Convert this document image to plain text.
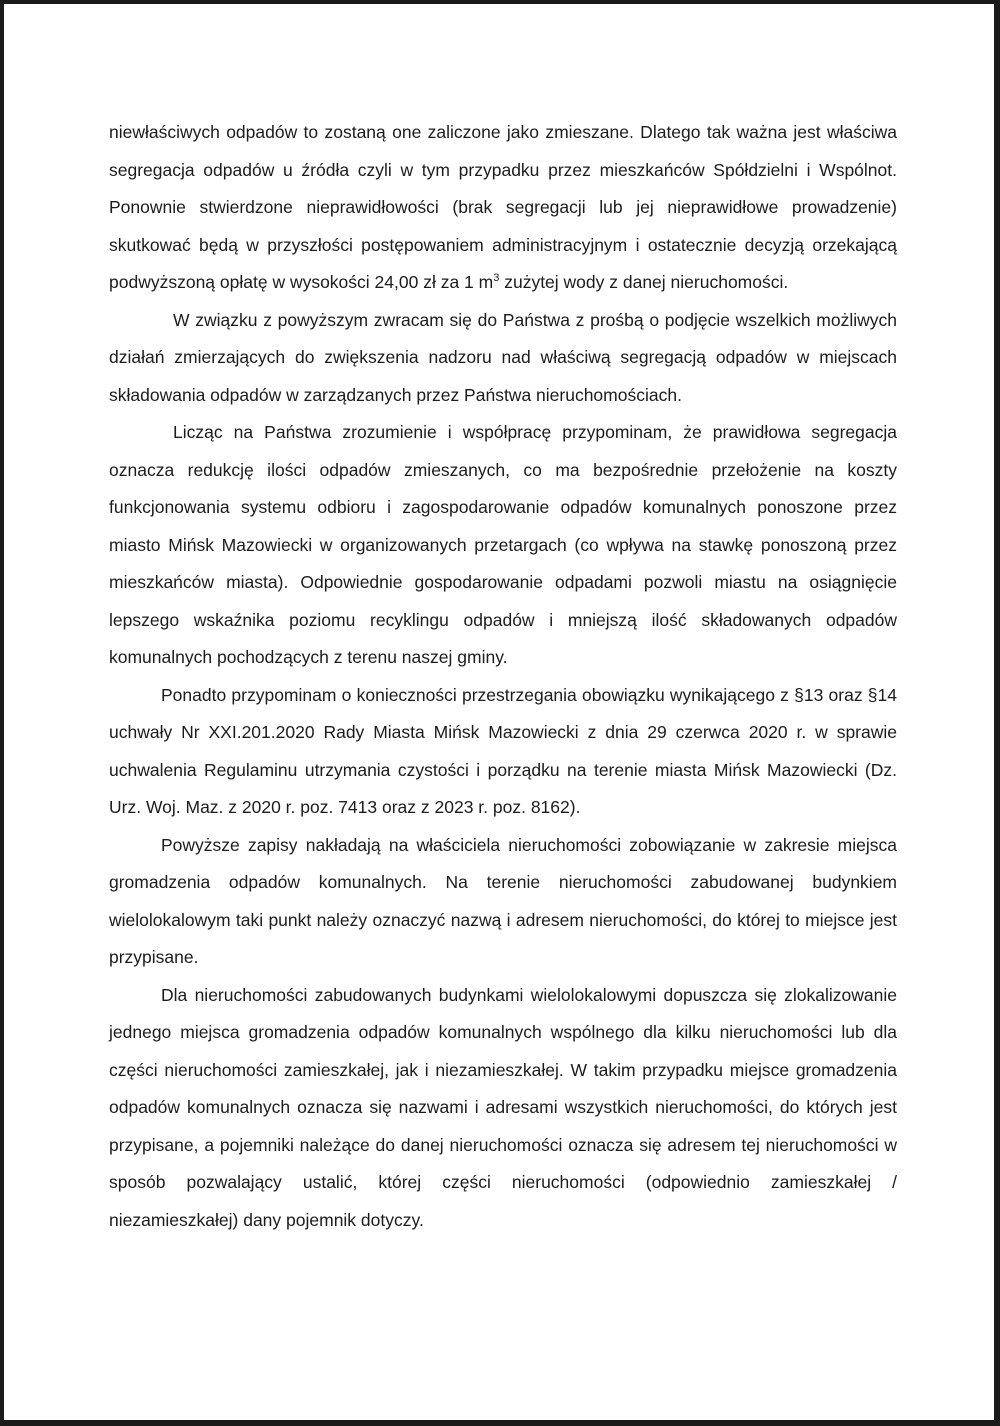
niewłaściwych odpadów to zostaną one zaliczone jako zmieszane. Dlatego tak ważna jest właściwa segregacja odpadów u źródła czyli w tym przypadku przez mieszkańców Spółdzielni i Wspólnot. Ponownie stwierdzone nieprawidłowości (brak segregacji lub jej nieprawidłowe prowadzenie) skutkować będą w przyszłości postępowaniem administracyjnym i ostatecznie decyzją orzekającą podwyższoną opłatę w wysokości 24,00 zł za 1 $m^3$ zużytej wody z danej nieruchomości.

W związku z powyższym zwracam się do Państwa z prośbą o podjęcie wszelkich możliwych działań zmierzających do zwiększenia nadzoru nad właściwą segregacją odpadów w miejscach składowania odpadów w zarządzanych przez Państwa nieruchomościach.

Licząc na Państwa zrozumienie i współpracę przypominam, że prawidłowa segregacja oznacza redukcję ilości odpadów zmieszanych, co ma bezpośrednie przełożenie na koszty funkcjonowania systemu odbioru i zagospodarowanie odpadów komunalnych ponoszone przez miasto Mińsk Mazowiecki w organizowanych przetargach (co wpływa na stawkę ponoszoną przez mieszkańców miasta). Odpowiednie gospodarowanie odpadami pozwoli miastu na osiągnięcie lepszego wskaźnika poziomu recyklingu odpadów i mniejszą ilość składowanych odpadów komunalnych pochodzących z terenu naszej gminy.

Ponadto przypominam o konieczności przestrzegania obowiązku wynikającego z §13 oraz §14 uchwały Nr XXI.201.2020 Rady Miasta Mińsk Mazowiecki z dnia 29 czerwca 2020 r. w sprawie uchwalenia Regulaminu utrzymania czystości i porządku na terenie miasta Mińsk Mazowiecki (Dz. Urz. Woj. Maz. z 2020 r. poz. 7413 oraz z 2023 r. poz. 8162).

Powyższe zapisy nakładają na właściciela nieruchomości zobowiązanie w zakresie miejsca gromadzenia odpadów komunalnych. Na terenie nieruchomości zabudowanej budynkiem wielolokalowym taki punkt należy oznaczyć nazwą i adresem nieruchomości, do której to miejsce jest przypisane.

Dla nieruchomości zabudowanych budynkami wielolokalowymi dopuszcza się zlokalizowanie jednego miejsca gromadzenia odpadów komunalnych wspólnego dla kilku nieruchomości lub dla części nieruchomości zamieszkałej, jak i niezamieszkałej. W takim przypadku miejsce gromadzenia odpadów komunalnych oznacza się nazwami i adresami wszystkich nieruchomości, do których jest przypisane, a pojemniki należące do danej nieruchomości oznacza się adresem tej nieruchomości w sposób pozwalający ustalić, której części nieruchomości (odpowiednio zamieszkałej / niezamieszkałej) dany pojemnik dotyczy.
